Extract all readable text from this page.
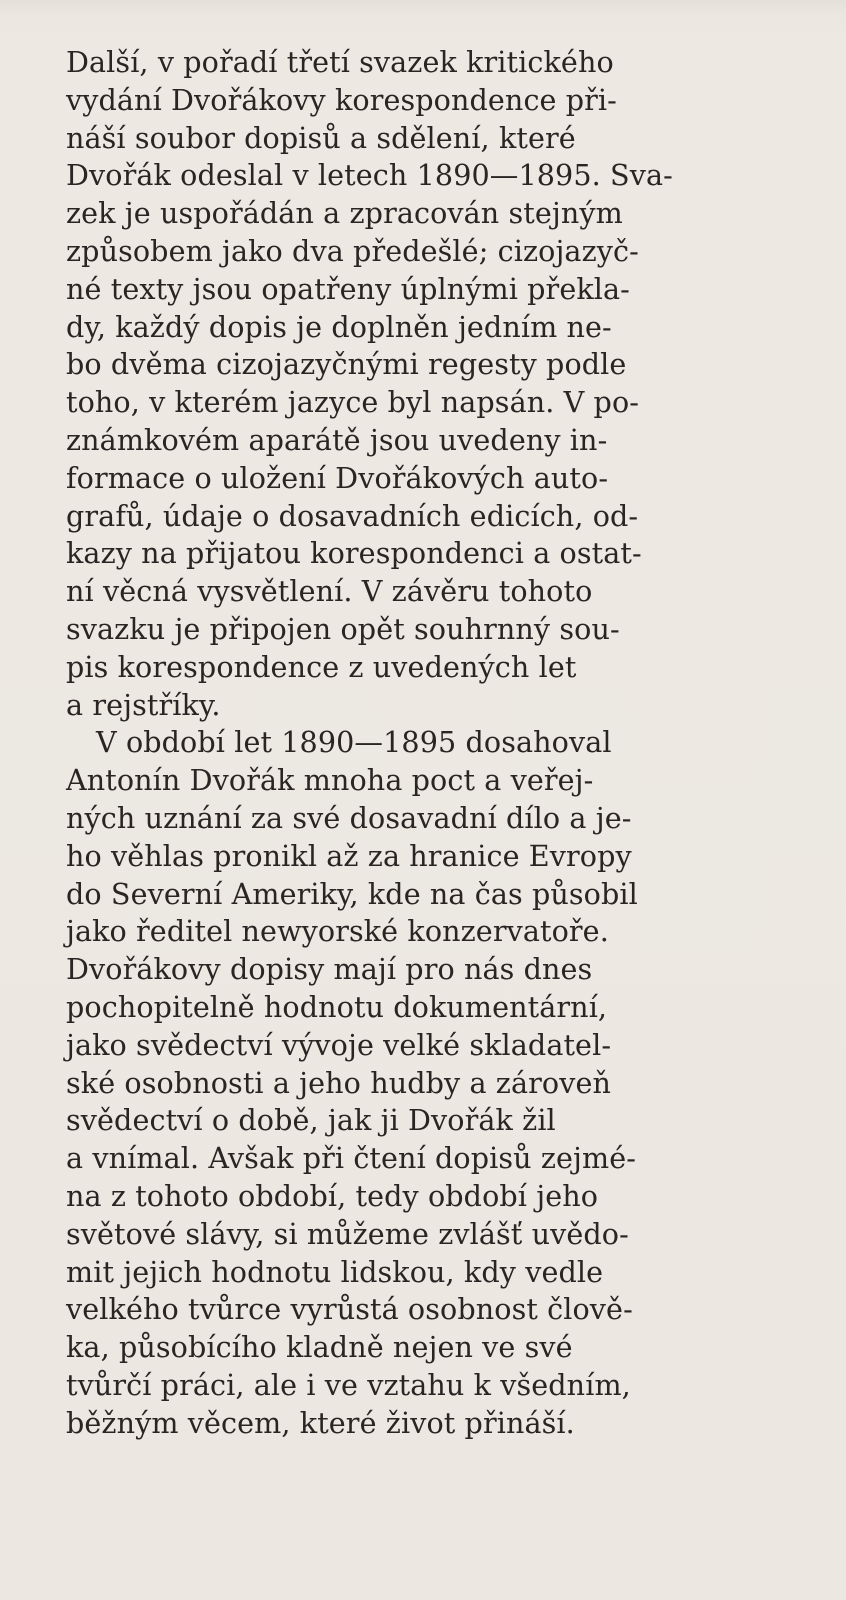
Další, v pořadí třetí svazek kritického
vydání Dvořákovy korespondence při-
náší soubor dopisů a sdělení, které
Dvořák odeslal v letech 1890—1895. Sva-
zek je uspořádán a zpracován stejným
způsobem jako dva předešlé; cizojazyč-
né texty jsou opatřeny úplnými překla-
dy, každý dopis je doplněn jedním ne-
bo dvěma cizojazyčnými regesty podle
toho, v kterém jazyce byl napsán. V po-
známkovém aparátě jsou uvedeny in-
formace o uložení Dvořákových auto-
grafů, údaje o dosavadních edicích, od-
kazy na přijatou korespondenci a ostat-
ní věcná vysvětlení. V závěru tohoto
svazku je připojen opět souhrnný sou-
pis korespondence z uvedených let
a rejstříky.
V období let 1890—1895 dosahoval
Antonín Dvořák mnoha poct a veřej-
ných uznání za své dosavadní dílo a je-
ho věhlas pronikl až za hranice Evropy
do Severní Ameriky, kde na čas působil
jako ředitel newyorské konzervatoře.
Dvořákovy dopisy mají pro nás dnes
pochopitelně hodnotu dokumentární,
jako svědectví vývoje velké skladatel-
ské osobnosti a jeho hudby a zároveň
svědectví o době, jak ji Dvořák žil
a vnímal. Avšak při čtení dopisů zejmé-
na z tohoto období, tedy období jeho
světové slávy, si můžeme zvlášť uvědo-
mit jejich hodnotu lidskou, kdy vedle
velkého tvůrce vyrůstá osobnost člově-
ka, působícího kladně nejen ve své
tvůrčí práci, ale i ve vztahu k všedním,
běžným věcem, které život přináší.
